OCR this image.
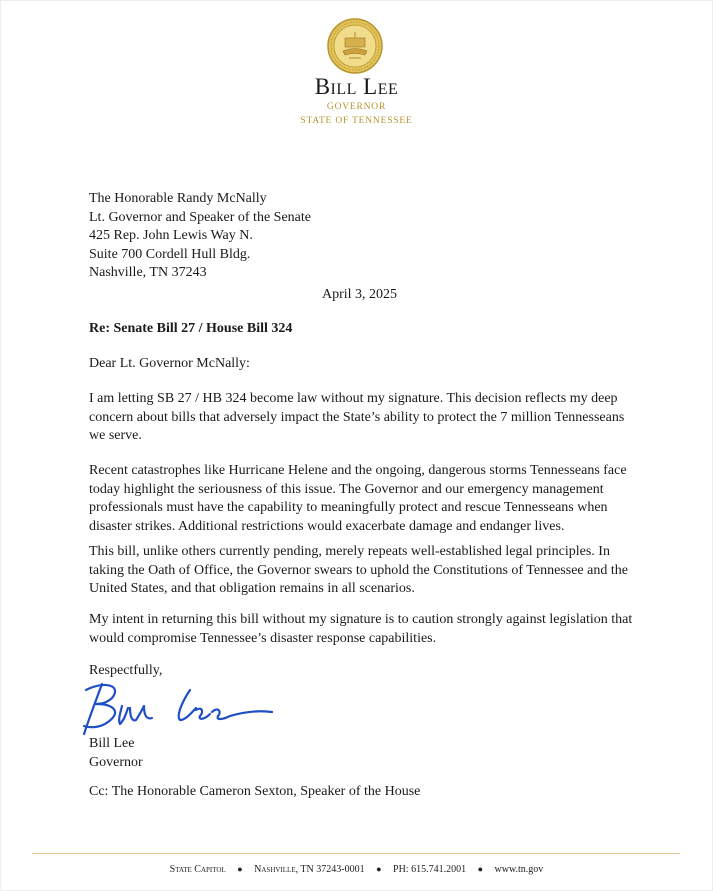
Bill Lee
GOVERNOR
STATE OF TENNESSEE
The Honorable Randy McNally
Lt. Governor and Speaker of the Senate
425 Rep. John Lewis Way N.
Suite 700 Cordell Hull Bldg.
Nashville, TN 37243
April 3, 2025
Re: Senate Bill 27 / House Bill 324
Dear Lt. Governor McNally:
I am letting SB 27 / HB 324 become law without my signature. This decision reflects my deep concern about bills that adversely impact the State’s ability to protect the 7 million Tennesseans we serve.
Recent catastrophes like Hurricane Helene and the ongoing, dangerous storms Tennesseans face today highlight the seriousness of this issue. The Governor and our emergency management professionals must have the capability to meaningfully protect and rescue Tennesseans when disaster strikes. Additional restrictions would exacerbate damage and endanger lives.
This bill, unlike others currently pending, merely repeats well-established legal principles. In taking the Oath of Office, the Governor swears to uphold the Constitutions of Tennessee and the United States, and that obligation remains in all scenarios.
My intent in returning this bill without my signature is to caution strongly against legislation that would compromise Tennessee’s disaster response capabilities.
Respectfully,
Bill Lee
Governor
Cc: The Honorable Cameron Sexton, Speaker of the House
State Capitol ● Nashville, TN 37243-0001 ● PH: 615.741.2001 ● www.tn.gov
